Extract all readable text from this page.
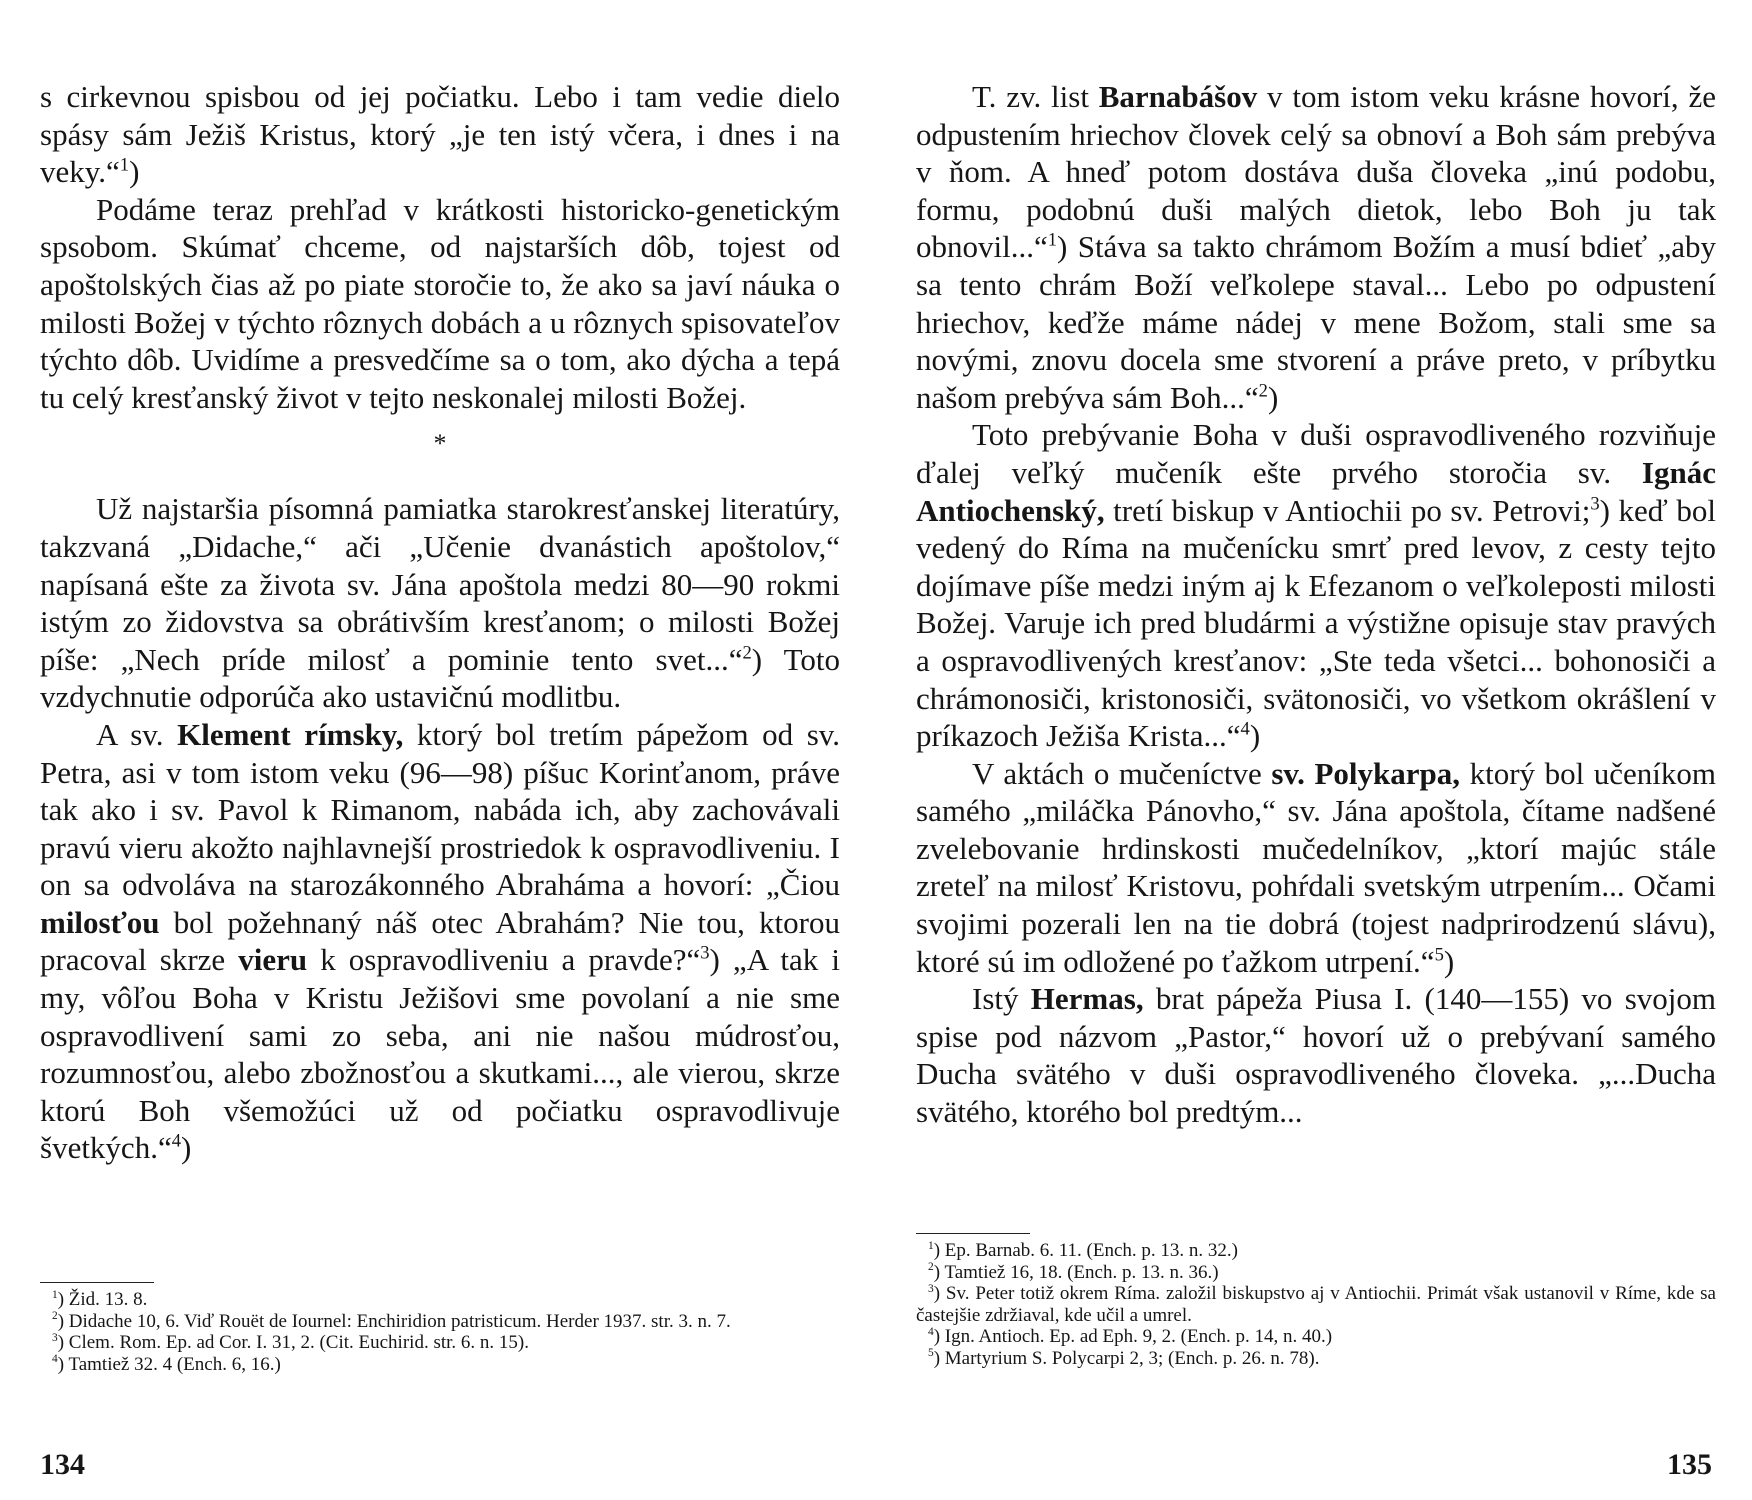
s cirkevnou spisbou od jej počiatku. Lebo i tam vedie dielo spásy sám Ježiš Kristus, ktorý „je ten istý včera, i dnes i na veky.“$^1$)

Podáme teraz prehľad v krátkosti historicko-genetickým spsobom. Skúmať chceme, od najstarších dôb, tojest od apoštolských čias až po piate storočie to, že ako sa javí náuka o milosti Božej v týchto rôznych dobách a u rôznych spisovateľov týchto dôb. Uvidíme a presvedčíme sa o tom, ako dýcha a tepá tu celý kresťanský život v tejto neskonalej milosti Božej.

*

Už najstaršia písomná pamiatka starokresťanskej literatúry, takzvaná „Didache,“ ači „Učenie dvanástich apoštolov,“ napísaná ešte za života sv. Jána apoštola medzi 80—90 rokmi istým zo židovstva sa obrátivším kresťanom; o milosti Božej píše: „Nech príde milosť a pominie tento svet...“$^2$) Toto vzdychnutie odporúča ako ustavičnú modlitbu.

A sv. Klement rímsky, ktorý bol tretím pápežom od sv. Petra, asi v tom istom veku (96—98) píšuc Korinťanom, práve tak ako i sv. Pavol k Rimanom, nabáda ich, aby zachovávali pravú vieru akožto najhlavnejší prostriedok k ospravodliveniu. I on sa odvoláva na starozákonného Abraháma a hovorí: „Čiou milosťou bol požehnaný náš otec Abrahám? Nie tou, ktorou pracoval skrze vieru k ospravodliveniu a pravde?“$^3$) „A tak i my, vôľou Boha v Kristu Ježišovi sme povolaní a nie sme ospravodlivení sami zo seba, ani nie našou múdrosťou, rozumnosťou, alebo zbožnosťou a skutkami..., ale vierou, skrze ktorú Boh všemožúci už od počiatku ospravodlivuje švetkých.“$^4$)

$^1$) Žid. 13. 8.

$^2$) Didache 10, 6. Viď Rouët de Iournel: Enchiridion patristicum. Herder 1937. str. 3. n. 7.

$^3$) Clem. Rom. Ep. ad Cor. I. 31, 2. (Cit. Euchirid. str. 6. n. 15).

$^4$) Tamtiež 32. 4 (Ench. 6, 16.)

134

T. zv. list Barnabášov v tom istom veku krásne hovorí, že odpustením hriechov človek celý sa obnoví a Boh sám prebýva v ňom. A hneď potom dostáva duša človeka „inú podobu, formu, podobnú duši malých dietok, lebo Boh ju tak obnovil...“$^1$) Stáva sa takto chrámom Božím a musí bdieť „aby sa tento chrám Boží veľkolepe staval... Lebo po odpustení hriechov, keďže máme nádej v mene Božom, stali sme sa novými, znovu docela sme stvorení a práve preto, v príbytku našom prebýva sám Boh...“$^2$)

Toto prebývanie Boha v duši ospravodliveného rozviňuje ďalej veľký mučeník ešte prvého storočia sv. Ignác Antiochenský, tretí biskup v Antiochii po sv. Petrovi;$^3$) keď bol vedený do Ríma na mučenícku smrť pred levov, z cesty tejto dojímave píše medzi iným aj k Efezanom o veľkoleposti milosti Božej. Varuje ich pred bludármi a výstižne opisuje stav pravých a ospravodlivených kresťanov: „Ste teda všetci... bohonosiči a chrámonosiči, kristonosiči, svätonosiči, vo všetkom okrášlení v príkazoch Ježiša Krista...“$^4$)

V aktách o mučeníctve sv. Polykarpa, ktorý bol učeníkom samého „miláčka Pánovho,“ sv. Jána apoštola, čítame nadšené zvelebovanie hrdinskosti mučedelníkov, „ktorí majúc stále zreteľ na milosť Kristovu, pohŕdali svetským utrpením... Očami svojimi pozerali len na tie dobrá (tojest nadprirodzenú slávu), ktoré sú im odložené po ťažkom utrpení.“$^5$)

Istý Hermas, brat pápeža Piusa I. (140—155) vo svojom spise pod názvom „Pastor,“ hovorí už o prebývaní samého Ducha svätého v duši ospravodliveného človeka. „...Ducha svätého, ktorého bol predtým...

$^1$) Ep. Barnab. 6. 11. (Ench. p. 13. n. 32.)

$^2$) Tamtiež 16, 18. (Ench. p. 13. n. 36.)

$^3$) Sv. Peter totiž okrem Ríma. založil biskupstvo aj v Antiochii. Primát však ustanovil v Ríme, kde sa častejšie zdržiaval, kde učil a umrel.

$^4$) Ign. Antioch. Ep. ad Eph. 9, 2. (Ench. p. 14, n. 40.)

$^5$) Martyrium S. Polycarpi 2, 3; (Ench. p. 26. n. 78).

135
